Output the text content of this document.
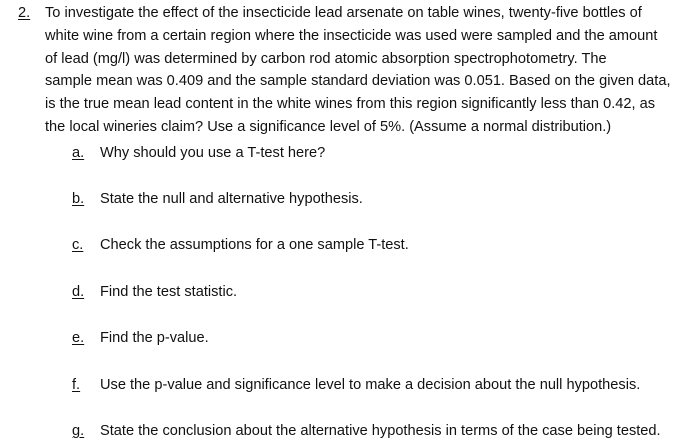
2. To investigate the effect of the insecticide lead arsenate on table wines, twenty-five bottles of
white wine from a certain region where the insecticide was used were sampled and the amount
of lead (mg/l) was determined by carbon rod atomic absorption spectrophotometry. The
sample mean was 0.409 and the sample standard deviation was 0.051. Based on the given data,
is the true mean lead content in the white wines from this region significantly less than 0.42, as
the local wineries claim? Use a significance level of 5%. (Assume a normal distribution.)
a. Why should you use a T-test here?
b. State the null and alternative hypothesis.
c. Check the assumptions for a one sample T-test.
d. Find the test statistic.
e. Find the p-value.
f. Use the p-value and significance level to make a decision about the null hypothesis.
g. State the conclusion about the alternative hypothesis in terms of the case being tested.
